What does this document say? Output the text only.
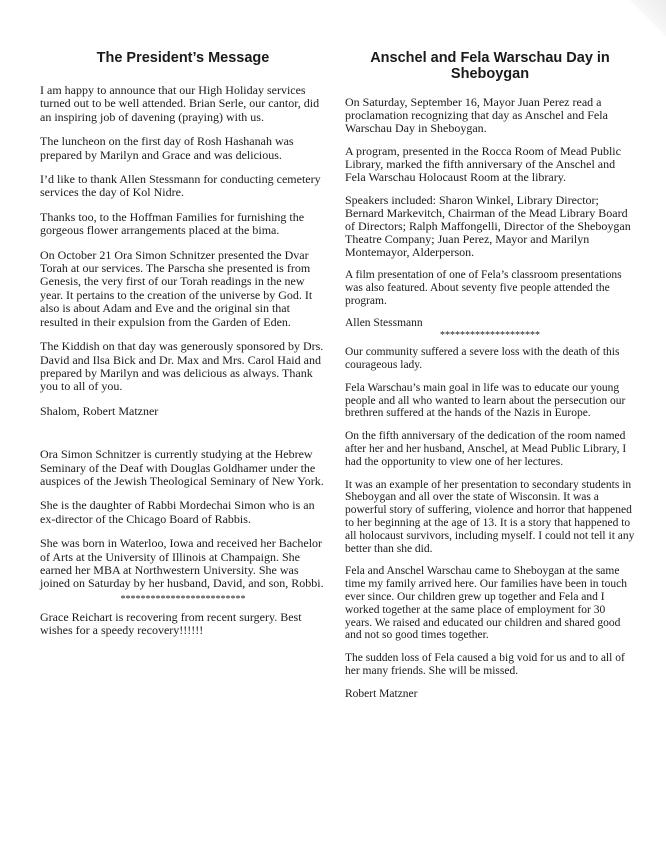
The President’s Message

I am happy to announce that our High Holiday services turned out to be well attended. Brian Serle, our cantor, did an inspiring job of davening (praying) with us.

The luncheon on the first day of Rosh Hashanah was prepared by Marilyn and Grace and was delicious.

I’d like to thank Allen Stessmann for conducting cemetery services the day of Kol Nidre.

Thanks too, to the Hoffman Families for furnishing the gorgeous flower arrangements placed at the bima.

On October 21 Ora Simon Schnitzer presented the Dvar Torah at our services. The Parscha she presented is from Genesis, the very first of our Torah readings in the new year. It pertains to the creation of the universe by God. It also is about Adam and Eve and the original sin that resulted in their expulsion from the Garden of Eden.

The Kiddish on that day was generously sponsored by Drs. David and Ilsa Bick and Dr. Max and Mrs. Carol Haid and prepared by Marilyn and was delicious as always. Thank you to all of you.

Shalom, Robert Matzner

Ora Simon Schnitzer is currently studying at the Hebrew Seminary of the Deaf with Douglas Goldhamer under the auspices of the Jewish Theological Seminary of New York.

She is the daughter of Rabbi Mordechai Simon who is an ex-director of the Chicago Board of Rabbis.

She was born in Waterloo, Iowa and received her Bachelor of Arts at the University of Illinois at Champaign. She earned her MBA at Northwestern University. She was joined on Saturday by her husband, David, and son, Robbi.

*************************

Grace Reichart is recovering from recent surgery. Best wishes for a speedy recovery!!!!!!

Anschel and Fela Warschau Day in Sheboygan

On Saturday, September 16, Mayor Juan Perez read a proclamation recognizing that day as Anschel and Fela Warschau Day in Sheboygan.

A program, presented in the Rocca Room of Mead Public Library, marked the fifth anniversary of the Anschel and Fela Warschau Holocaust Room at the library.

Speakers included: Sharon Winkel, Library Director; Bernard Markevitch, Chairman of the Mead Library Board of Directors; Ralph Maffongelli, Director of the Sheboygan Theatre Company; Juan Perez, Mayor and Marilyn Montemayor, Alderperson.

A film presentation of one of Fela’s classroom presentations was also featured. About seventy five people attended the program.

Allen Stessmann

********************

Our community suffered a severe loss with the death of this courageous lady.

Fela Warschau’s main goal in life was to educate our young people and all who wanted to learn about the persecution our brethren suffered at the hands of the Nazis in Europe.

On the fifth anniversary of the dedication of the room named after her and her husband, Anschel, at Mead Public Library, I had the opportunity to view one of her lectures.

It was an example of her presentation to secondary students in Sheboygan and all over the state of Wisconsin. It was a powerful story of suffering, violence and horror that happened to her beginning at the age of 13. It is a story that happened to all holocaust survivors, including myself. I could not tell it any better than she did.

Fela and Anschel Warschau came to Sheboygan at the same time my family arrived here. Our families have been in touch ever since. Our children grew up together and Fela and I worked together at the same place of employment for 30 years. We raised and educated our children and shared good and not so good times together.

The sudden loss of Fela caused a big void for us and to all of her many friends. She will be missed.

Robert Matzner
